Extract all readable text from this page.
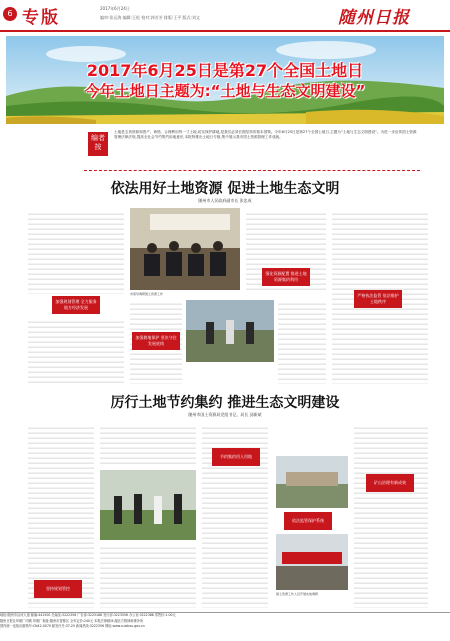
6 专版	2017年6月24日
编审:张运海 编辑:王松 校对:郭芳芳 排版:王平 版式:刘文	随州日报
2017年6月25日是第27个全国土地日
今年土地日主题为:“土地与生态文明建设”
编者按
土地是宝贵资源和资产。珍惜、合理利用每一寸土地,切实保护耕地,是我们必须长期坚持的基本国策。今年6月25日是第27个全国土地日,主题为“土地与生态文明建设”。为进一步宣传国土资源管理法律法规,提高全社会节约集约用地意识,本报特推出土地日专版,集中展示我市国土资源管理工作成就。
依法用好土地资源 促进土地生态文明
随州市人民政府副市长 张忠成
加强规划管理 全力服务地方经济发展
市领导调研国土资源工作
加强耕地保护 坚决守住发展底线
强化资源配置 推进土地资源集约利用
严格执法监管 依法维护土地秩序
厉行土地节约集约 推进生态文明建设
随州市国土资源局党组书记、局长 邱新斌
坚持规划管控
节约集约用人用地
依法监管保护系统
国土资源工作人员开展实地调研
矿山治理有新成效
地址:随州市沿河大道 邮编:441300 总编室:3222356 广告部:3225188 发行部:3223556 办公室:3222388 零售价:1.00元
随州日报社印刷厂印刷 印刷厂地址:随州市曾都区 全年定价:240元 本报法律顾问:湖北方圆律师事务所
国内统一连续出版物号:CN42-0070 邮发代号:37-25 新闻热线:3222356 网址:www.suizhou.gov.cn
